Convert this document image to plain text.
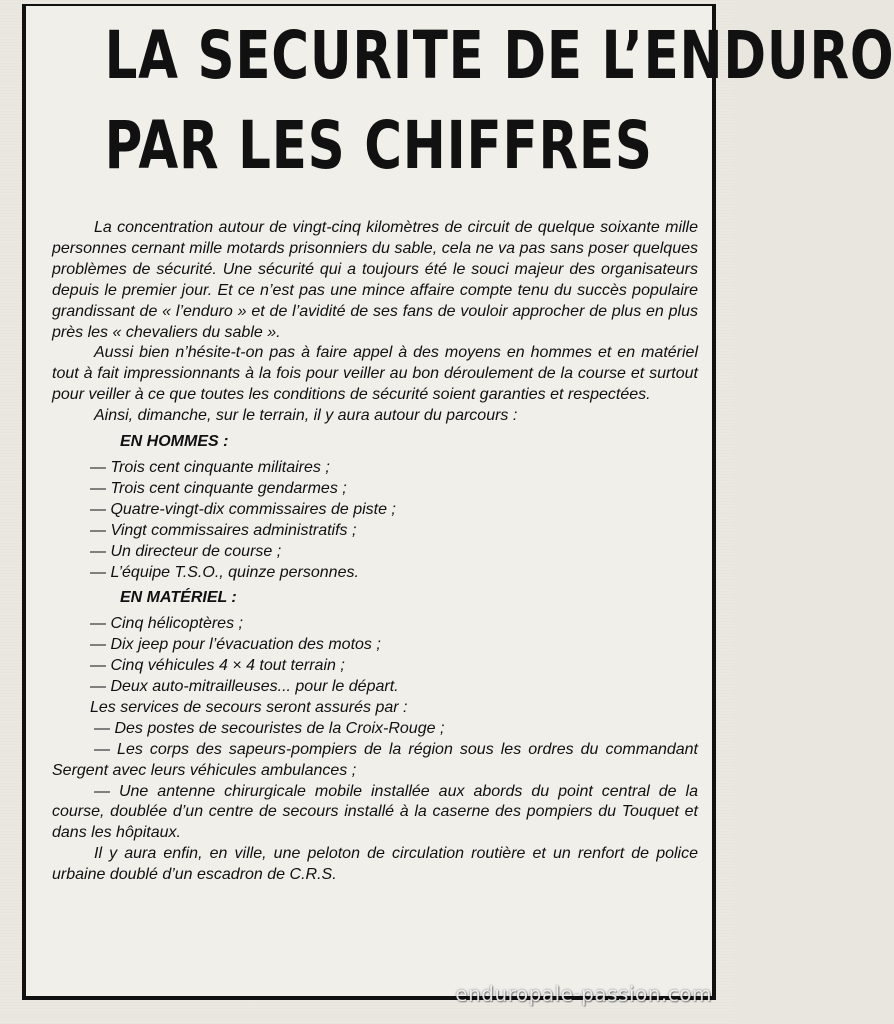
LA SECURITE DE L’ENDURO
PAR LES CHIFFRES

La concentration autour de vingt-cinq kilomètres de circuit de quelque soixante mille personnes cernant mille motards prisonniers du sable, cela ne va pas sans poser quelques problèmes de sécurité. Une sécurité qui a toujours été le souci majeur des organisateurs depuis le premier jour. Et ce n’est pas une mince affaire compte tenu du succès populaire grandissant de « l’enduro » et de l’avidité de ses fans de vouloir approcher de plus en plus près les « chevaliers du sable ».

Aussi bien n’hésite-t-on pas à faire appel à des moyens en hommes et en matériel tout à fait impressionnants à la fois pour veiller au bon déroulement de la course et surtout pour veiller à ce que toutes les conditions de sécurité soient garanties et respectées.

Ainsi, dimanche, sur le terrain, il y aura autour du parcours :

EN HOMMES :

— Trois cent cinquante militaires ;

— Trois cent cinquante gendarmes ;

— Quatre-vingt-dix commissaires de piste ;

— Vingt commissaires administratifs ;

— Un directeur de course ;

— L’équipe T.S.O., quinze personnes.

EN MATÉRIEL :

— Cinq hélicoptères ;

— Dix jeep pour l’évacuation des motos ;

— Cinq véhicules 4 × 4 tout terrain ;

— Deux auto-mitrailleuses... pour le départ.

Les services de secours seront assurés par :

— Des postes de secouristes de la Croix-Rouge ;

— Les corps des sapeurs-pompiers de la région sous les ordres du commandant Sergent avec leurs véhicules ambulances ;

— Une antenne chirurgicale mobile installée aux abords du point central de la course, doublée d’un centre de secours installé à la caserne des pompiers du Touquet et dans les hôpitaux.

Il y aura enfin, en ville, une peloton de circulation routière et un renfort de police urbaine doublé d’un escadron de C.R.S.

enduropale-passion.com
